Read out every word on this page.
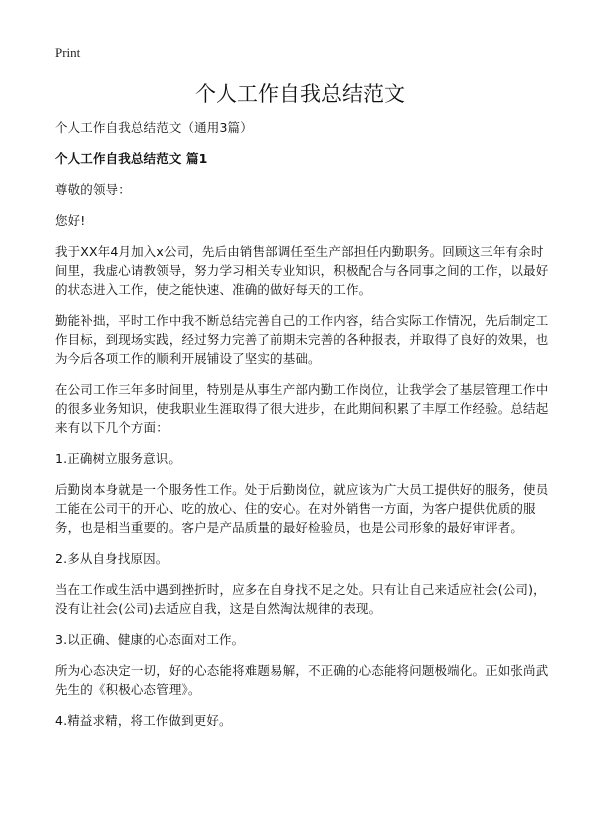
Print
个人工作自我总结范文

个人工作自我总结范文（通用3篇）

个人工作自我总结范文 篇1

尊敬的领导：

您好!

我于XX年4月加入x公司，先后由销售部调任至生产部担任内勤职务。回顾这三年有余时间里，我虚心请教领导，努力学习相关专业知识，积极配合与各同事之间的工作，以最好的状态进入工作，使之能快速、准确的做好每天的工作。

勤能补拙，平时工作中我不断总结完善自己的工作内容，结合实际工作情况，先后制定工作目标，到现场实践，经过努力完善了前期未完善的各种报表，并取得了良好的效果，也为今后各项工作的顺利开展铺设了坚实的基础。

在公司工作三年多时间里，特别是从事生产部内勤工作岗位，让我学会了基层管理工作中的很多业务知识，使我职业生涯取得了很大进步，在此期间积累了丰厚工作经验。总结起来有以下几个方面：

1.正确树立服务意识。

后勤岗本身就是一个服务性工作。处于后勤岗位，就应该为广大员工提供好的服务，使员工能在公司干的开心、吃的放心、住的安心。在对外销售一方面，为客户提供优质的服务，也是相当重要的。客户是产品质量的最好检验员，也是公司形象的最好审评者。

2.多从自身找原因。

当在工作或生活中遇到挫折时，应多在自身找不足之处。只有让自己来适应社会(公司)，没有让社会(公司)去适应自我，这是自然淘汰规律的表现。

3.以正确、健康的心态面对工作。

所为心态决定一切，好的心态能将难题易解，不正确的心态能将问题极端化。正如张尚武先生的《积极心态管理》。

4.精益求精，将工作做到更好。
